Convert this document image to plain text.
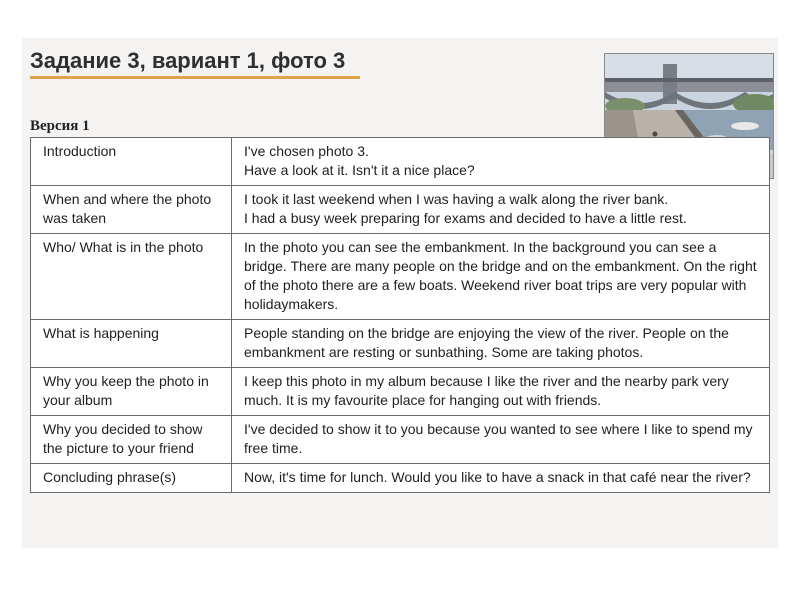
Задание 3, вариант 1, фото 3
Версия 1
Introduction	I've chosen photo 3.
Have a look at it. Isn't it a nice place?

When and where the photo was taken	I took it last weekend when I was having a walk along the river bank.
I had a busy week preparing for exams and decided to have a little rest.

Who/ What is in the photo	In the photo you can see the embankment. In the background you can see a bridge. There are many people on the bridge and on the embankment. On the right of the photo there are a few boats. Weekend river boat trips are very popular with holidaymakers.

What is happening	People standing on the bridge are enjoying the view of the river. People on the embankment are resting or sunbathing. Some are taking photos.

Why you keep the photo in your album	I keep this photo in my album because I like the river and the nearby park very much. It is my favourite place for hanging out with friends.

Why you decided to show the picture to your friend	I've decided to show it to you because you wanted to see where I like to spend my free time.

Concluding phrase(s)	Now, it's time for lunch. Would you like to have a snack in that café near the river?
